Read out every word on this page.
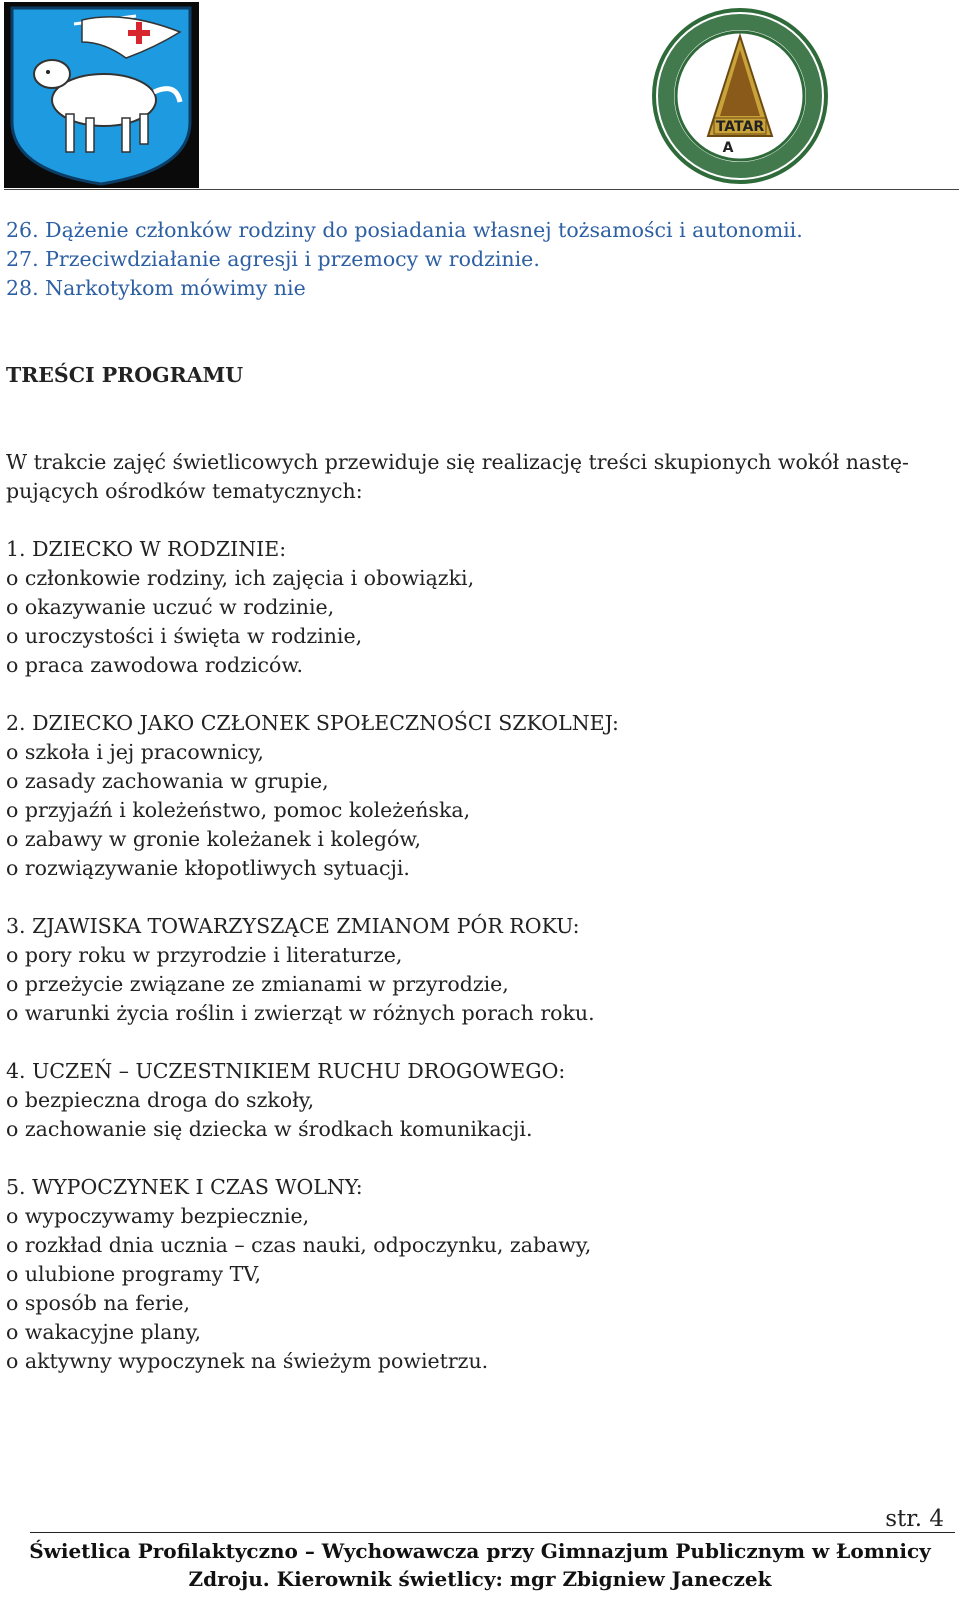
TATAR
A
26. Dążenie członków rodziny do posiadania własnej tożsamości i autonomii.
27. Przeciwdziałanie agresji i przemocy w rodzinie.
28. Narkotykom mówimy nie
TREŚCI PROGRAMU
W trakcie zajęć świetlicowych przewiduje się realizację treści skupionych wokół nastę-
pujących ośrodków tematycznych:
1. DZIECKO W RODZINIE:
o członkowie rodziny, ich zajęcia i obowiązki,
o okazywanie uczuć w rodzinie,
o uroczystości i święta w rodzinie,
o praca zawodowa rodziców.
2. DZIECKO JAKO CZŁONEK SPOŁECZNOŚCI SZKOLNEJ:
o szkoła i jej pracownicy,
o zasady zachowania w grupie,
o przyjaźń i koleżeństwo, pomoc koleżeńska,
o zabawy w gronie koleżanek i kolegów,
o rozwiązywanie kłopotliwych sytuacji.
3. ZJAWISKA TOWARZYSZĄCE ZMIANOM PÓR ROKU:
o pory roku w przyrodzie i literaturze,
o przeżycie związane ze zmianami w przyrodzie,
o warunki życia roślin i zwierząt w różnych porach roku.
4. UCZEŃ – UCZESTNIKIEM RUCHU DROGOWEGO:
o bezpieczna droga do szkoły,
o zachowanie się dziecka w środkach komunikacji.
5. WYPOCZYNEK I CZAS WOLNY:
o wypoczywamy bezpiecznie,
o rozkład dnia ucznia – czas nauki, odpoczynku, zabawy,
o ulubione programy TV,
o sposób na ferie,
o wakacyjne plany,
o aktywny wypoczynek na świeżym powietrzu.
str. 4
Świetlica Profilaktyczno – Wychowawcza przy Gimnazjum Publicznym w Łomnicy
Zdroju. Kierownik świetlicy: mgr Zbigniew Janeczek
